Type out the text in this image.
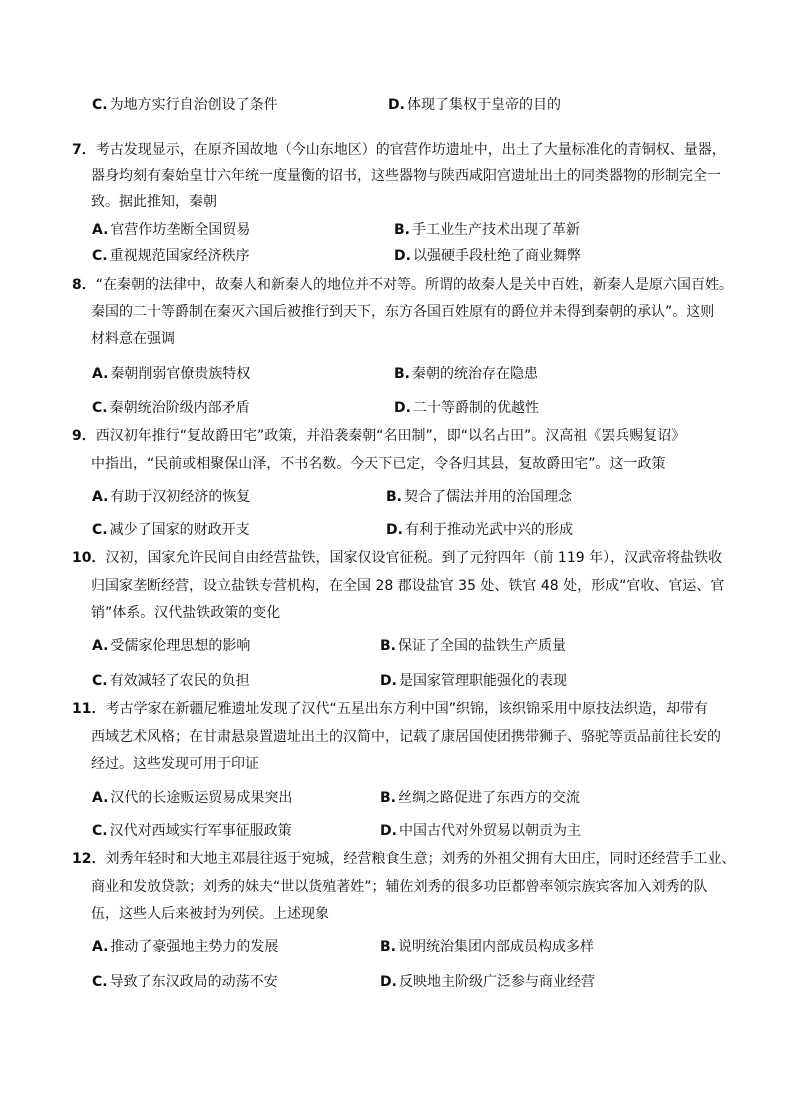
C. 为地方实行自治创设了条件	D. 体现了集权于皇帝的目的
7．考古发现显示，在原齐国故地（今山东地区）的官营作坊遗址中，出土了大量标准化的青铜权、量器，
器身均刻有秦始皇廿六年统一度量衡的诏书，这些器物与陕西咸阳宫遗址出土的同类器物的形制完全一
致。据此推知，秦朝
A. 官营作坊垄断全国贸易	B. 手工业生产技术出现了革新
C. 重视规范国家经济秩序	D. 以强硬手段杜绝了商业舞弊
8．“在秦朝的法律中，故秦人和新秦人的地位并不对等。所谓的故秦人是关中百姓，新秦人是原六国百姓。
秦国的二十等爵制在秦灭六国后被推行到天下，东方各国百姓原有的爵位并未得到秦朝的承认”。这则
材料意在强调
A. 秦朝削弱官僚贵族特权	B. 秦朝的统治存在隐患
C. 秦朝统治阶级内部矛盾	D. 二十等爵制的优越性
9．西汉初年推行“复故爵田宅”政策，并沿袭秦朝“名田制”，即“以名占田”。汉高祖《罢兵赐复诏》
中指出，“民前或相聚保山泽，不书名数。今天下已定，令各归其县，复故爵田宅”。这一政策
A. 有助于汉初经济的恢复	B. 契合了儒法并用的治国理念
C. 减少了国家的财政开支	D. 有利于推动光武中兴的形成
10．汉初，国家允许民间自由经营盐铁，国家仅设官征税。到了元狩四年（前 119 年），汉武帝将盐铁收
归国家垄断经营，设立盐铁专营机构，在全国 28 郡设盐官 35 处、铁官 48 处，形成“官收、官运、官
销”体系。汉代盐铁政策的变化
A. 受儒家伦理思想的影响	B. 保证了全国的盐铁生产质量
C. 有效减轻了农民的负担	D. 是国家管理职能强化的表现
11．考古学家在新疆尼雅遗址发现了汉代“五星出东方利中国”织锦，该织锦采用中原技法织造，却带有
西域艺术风格；在甘肃悬泉置遗址出土的汉简中，记载了康居国使团携带狮子、骆驼等贡品前往长安的
经过。这些发现可用于印证
A. 汉代的长途贩运贸易成果突出	B. 丝绸之路促进了东西方的交流
C. 汉代对西域实行军事征服政策	D. 中国古代对外贸易以朝贡为主
12．刘秀年轻时和大地主邓晨往返于宛城，经营粮食生意；刘秀的外祖父拥有大田庄，同时还经营手工业、
商业和发放贷款；刘秀的妹夫“世以货殖著姓”；辅佐刘秀的很多功臣都曾率领宗族宾客加入刘秀的队
伍，这些人后来被封为列侯。上述现象
A. 推动了豪强地主势力的发展	B. 说明统治集团内部成员构成多样
C. 导致了东汉政局的动荡不安	D. 反映地主阶级广泛参与商业经营
